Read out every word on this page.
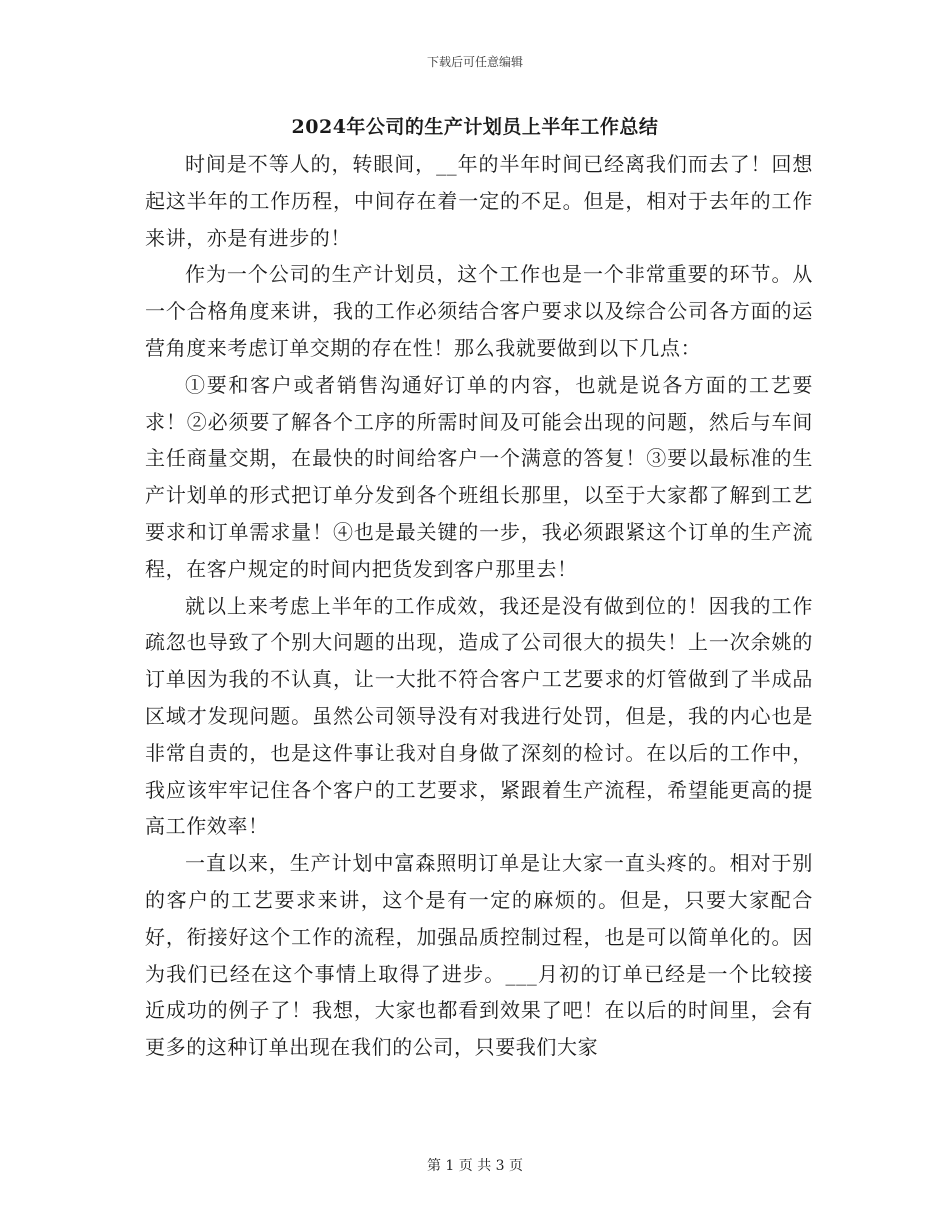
下载后可任意编辑
2024年公司的生产计划员上半年工作总结

时间是不等人的，转眼间，__年的半年时间已经离我们而去了！回想起这半年的工作历程，中间存在着一定的不足。但是，相对于去年的工作来讲，亦是有进步的！

作为一个公司的生产计划员，这个工作也是一个非常重要的环节。从一个合格角度来讲，我的工作必须结合客户要求以及综合公司各方面的运营角度来考虑订单交期的存在性！那么我就要做到以下几点：

①要和客户或者销售沟通好订单的内容，也就是说各方面的工艺要求！②必须要了解各个工序的所需时间及可能会出现的问题，然后与车间主任商量交期，在最快的时间给客户一个满意的答复！③要以最标准的生产计划单的形式把订单分发到各个班组长那里，以至于大家都了解到工艺要求和订单需求量！④也是最关键的一步，我必须跟紧这个订单的生产流程，在客户规定的时间内把货发到客户那里去！

就以上来考虑上半年的工作成效，我还是没有做到位的！因我的工作疏忽也导致了个别大问题的出现，造成了公司很大的损失！上一次余姚的订单因为我的不认真，让一大批不符合客户工艺要求的灯管做到了半成品区域才发现问题。虽然公司领导没有对我进行处罚，但是，我的内心也是非常自责的，也是这件事让我对自身做了深刻的检讨。在以后的工作中，我应该牢牢记住各个客户的工艺要求，紧跟着生产流程，希望能更高的提高工作效率！

一直以来，生产计划中富森照明订单是让大家一直头疼的。相对于别的客户的工艺要求来讲，这个是有一定的麻烦的。但是，只要大家配合好，衔接好这个工作的流程，加强品质控制过程，也是可以简单化的。因为我们已经在这个事情上取得了进步。___月初的订单已经是一个比较接近成功的例子了！我想，大家也都看到效果了吧！在以后的时间里，会有更多的这种订单出现在我们的公司，只要我们大家

第 1 页 共 3 页
